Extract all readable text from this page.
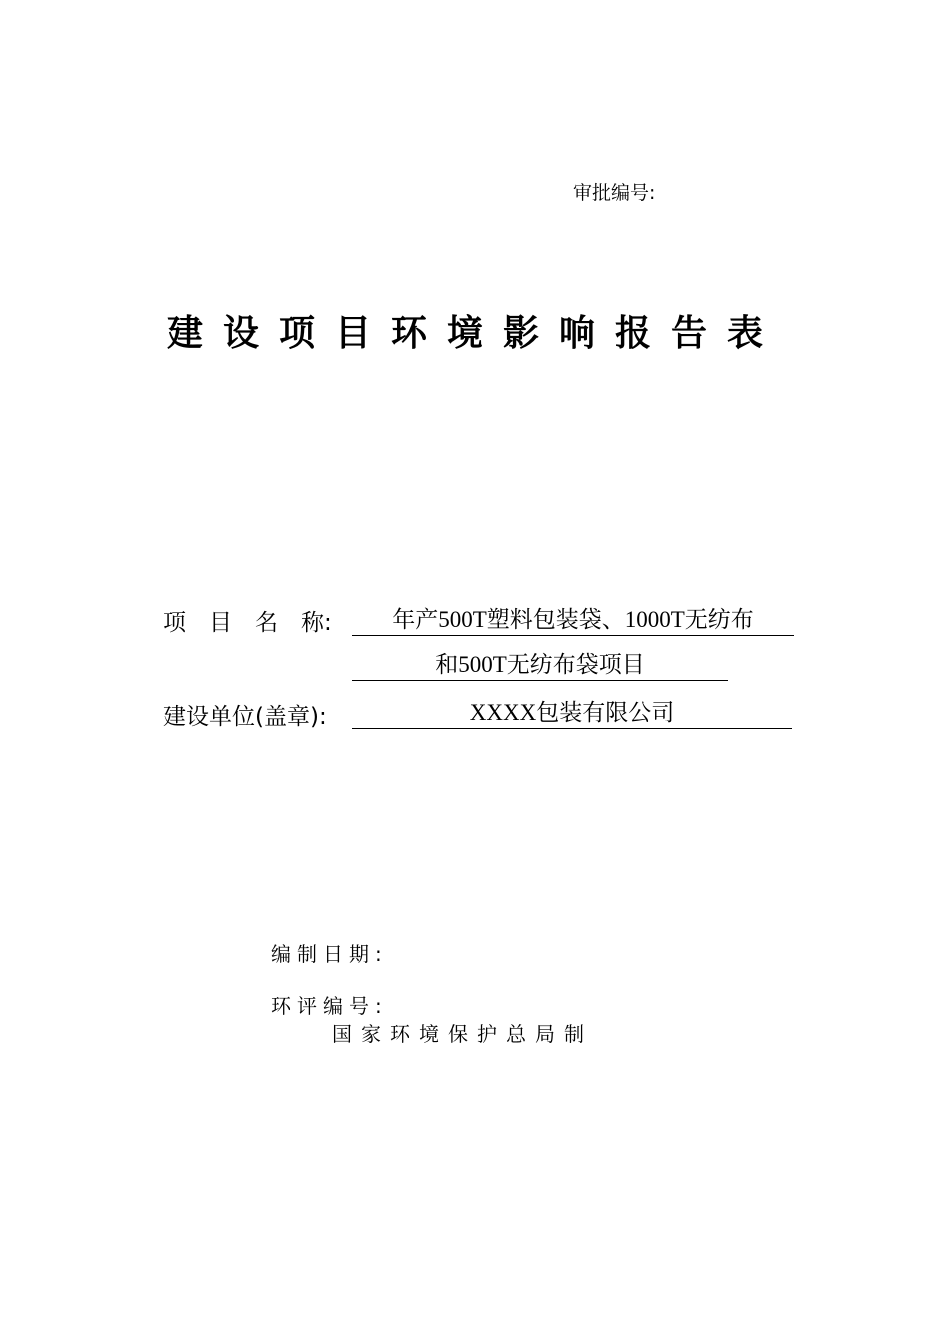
审批编号:
建设项目环境影响报告表
项　目　名　称:	年产500T塑料包装袋、1000T无纺布
和500T无纺布袋项目
建设单位(盖章):	XXXX包装有限公司
编制日期:
环评编号:
国家环境保护总局制
